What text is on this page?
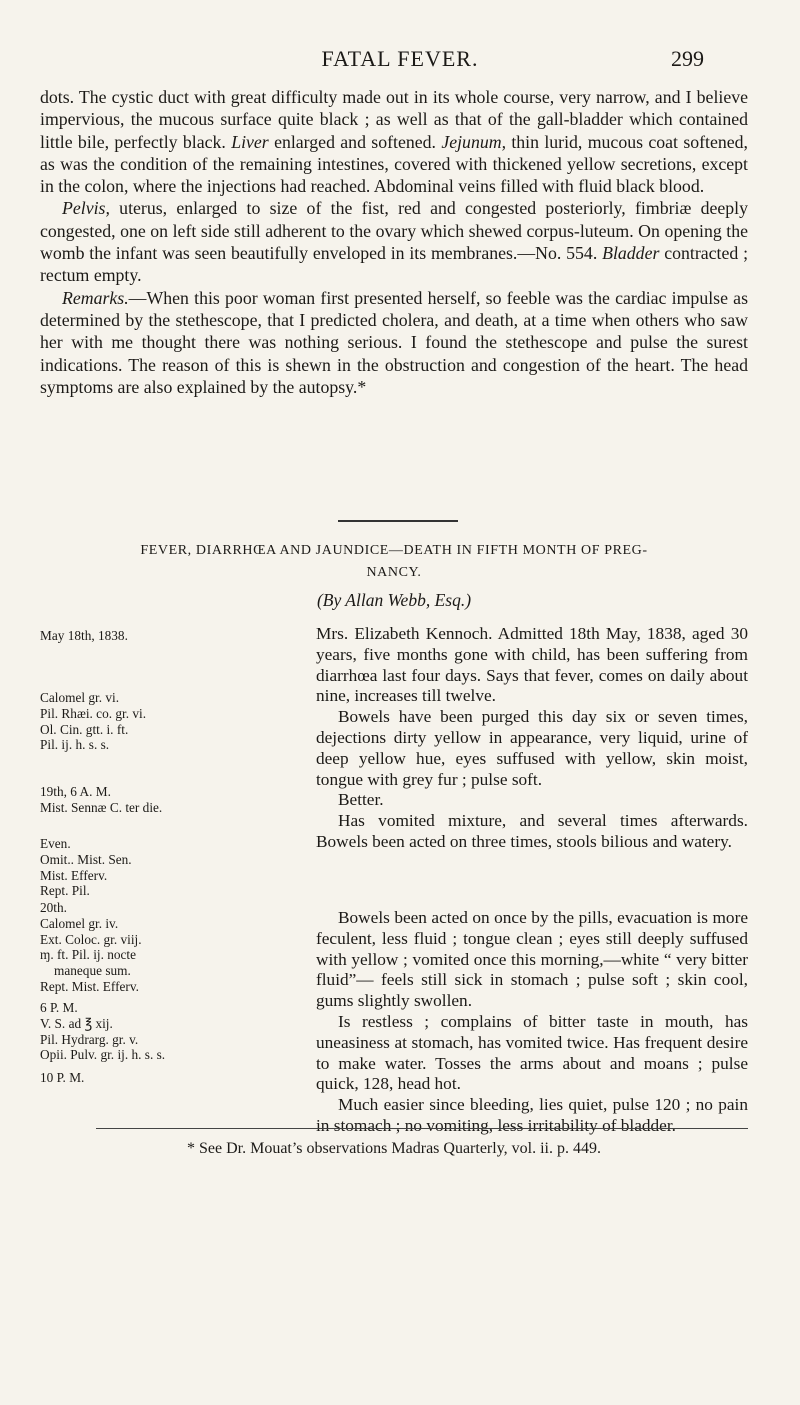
FATAL FEVER.	299

dots. The cystic duct with great difficulty made out in its whole course, very narrow, and I believe impervious, the mucous surface quite black ; as well as that of the gall-bladder which contained little bile, perfectly black. Liver enlarged and softened. Jejunum, thin lurid, mucous coat softened, as was the condition of the remaining intestines, covered with thickened yellow secretions, except in the colon, where the injections had reached. Abdominal veins filled with fluid black blood.

Pelvis, uterus, enlarged to size of the fist, red and congested posteriorly, fimbriæ deeply congested, one on left side still adherent to the ovary which shewed corpus-luteum. On opening the womb the infant was seen beautifully enveloped in its membranes.—No. 554. Bladder contracted ; rectum empty.

Remarks.—When this poor woman first presented herself, so feeble was the cardiac impulse as determined by the stethescope, that I predicted cholera, and death, at a time when others who saw her with me thought there was nothing serious. I found the stethescope and pulse the surest indications. The reason of this is shewn in the obstruction and congestion of the heart. The head symptoms are also explained by the autopsy.*

FEVER, DIARRHŒA AND JAUNDICE—DEATH IN FIFTH MONTH OF PREG-
NANCY.
(By Allan Webb, Esq.)
May 18th, 1838.
Calomel gr. vi.
Pil. Rhæi. co. gr. vi.
Ol. Cin. gtt. i. ft.
Pil. ij. h. s. s.
19th, 6 A. M.
Mist. Sennæ C. ter die.
Even.
Omit.. Mist. Sen.
Mist. Efferv.
Rept. Pil.
20th.
Calomel gr. iv.
Ext. Coloc. gr. viij.
ɱ. ft. Pil. ij. nocte
maneque sum.
Rept. Mist. Efferv.
6 P. M.
V. S. ad ℥ xij.
Pil. Hydrarg. gr. v.
Opii. Pulv. gr. ij. h. s. s.
10 P. M.

Mrs. Elizabeth Kennoch. Admitted 18th May, 1838, aged 30 years, five months gone with child, has been suffering from diarrhœa last four days. Says that fever, comes on daily about nine, increases till twelve.

Bowels have been purged this day six or seven times, dejections dirty yellow in appearance, very liquid, urine of deep yellow hue, eyes suffused with yellow, skin moist, tongue with grey fur ; pulse soft.

Better.

Has vomited mixture, and several times afterwards. Bowels been acted on three times, stools bilious and watery.

Bowels been acted on once by the pills, evacuation is more feculent, less fluid ; tongue clean ; eyes still deeply suffused with yellow ; vomited once this morning,—white “ very bitter fluid”— feels still sick in stomach ; pulse soft ; skin cool, gums slightly swollen.

Is restless ; complains of bitter taste in mouth, has uneasiness at stomach, has vomited twice. Has frequent desire to make water. Tosses the arms about and moans ; pulse quick, 128, head hot.

Much easier since bleeding, lies quiet, pulse 120 ; no pain in stomach ; no vomiting, less irritability of bladder.

* See Dr. Mouat’s observations Madras Quarterly, vol. ii. p. 449.
